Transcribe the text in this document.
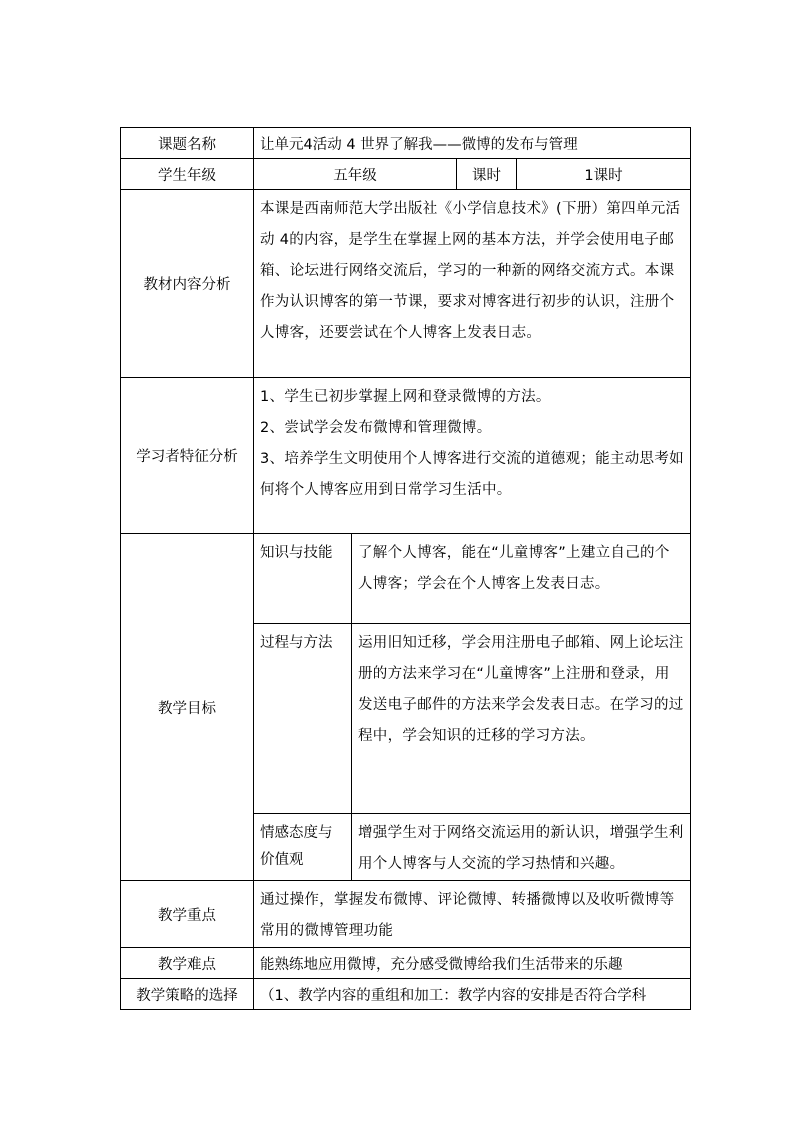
课题名称	让单元4活动 4 世界了解我——微博的发布与管理			
学生年级	五年级		课时	1课时
教材内容分析	本课是西南师范大学出版社《小学信息技术》(下册）第四单元活动 4的内容，是学生在掌握上网的基本方法，并学会使用电子邮箱、论坛进行网络交流后，学习的一种新的网络交流方式。本课作为认识博客的第一节课，要求对博客进行初步的认识，注册个人博客，还要尝试在个人博客上发表日志。			
学习者特征分析	1、学生已初步掌握上网和登录微博的方法。

2、尝试学会发布微博和管理微博。

3、培养学生文明使用个人博客进行交流的道德观；能主动思考如何将个人博客应用到日常学习生活中。			

教学目标	知识与技能	了解个人博客，能在“儿童博客”上建立自己的个人博客；学会在个人博客上发表日志。		
	过程与方法	运用旧知迁移，学会用注册电子邮箱、网上论坛注册的方法来学习在“儿童博客”上注册和登录，用发送电子邮件的方法来学会发表日志。在学习的过程中，学会知识的迁移的学习方法。		
	情感态度与价值观	增强学生对于网络交流运用的新认识，增强学生利用个人博客与人交流的学习热情和兴趣。		
教学重点	通过操作，掌握发布微博、评论微博、转播微博以及收听微博等常用的微博管理功能			
教学难点	能熟练地应用微博，充分感受微博给我们生活带来的乐趣			
教学策略的选择	（1、教学内容的重组和加工：教学内容的安排是否符合学科			
